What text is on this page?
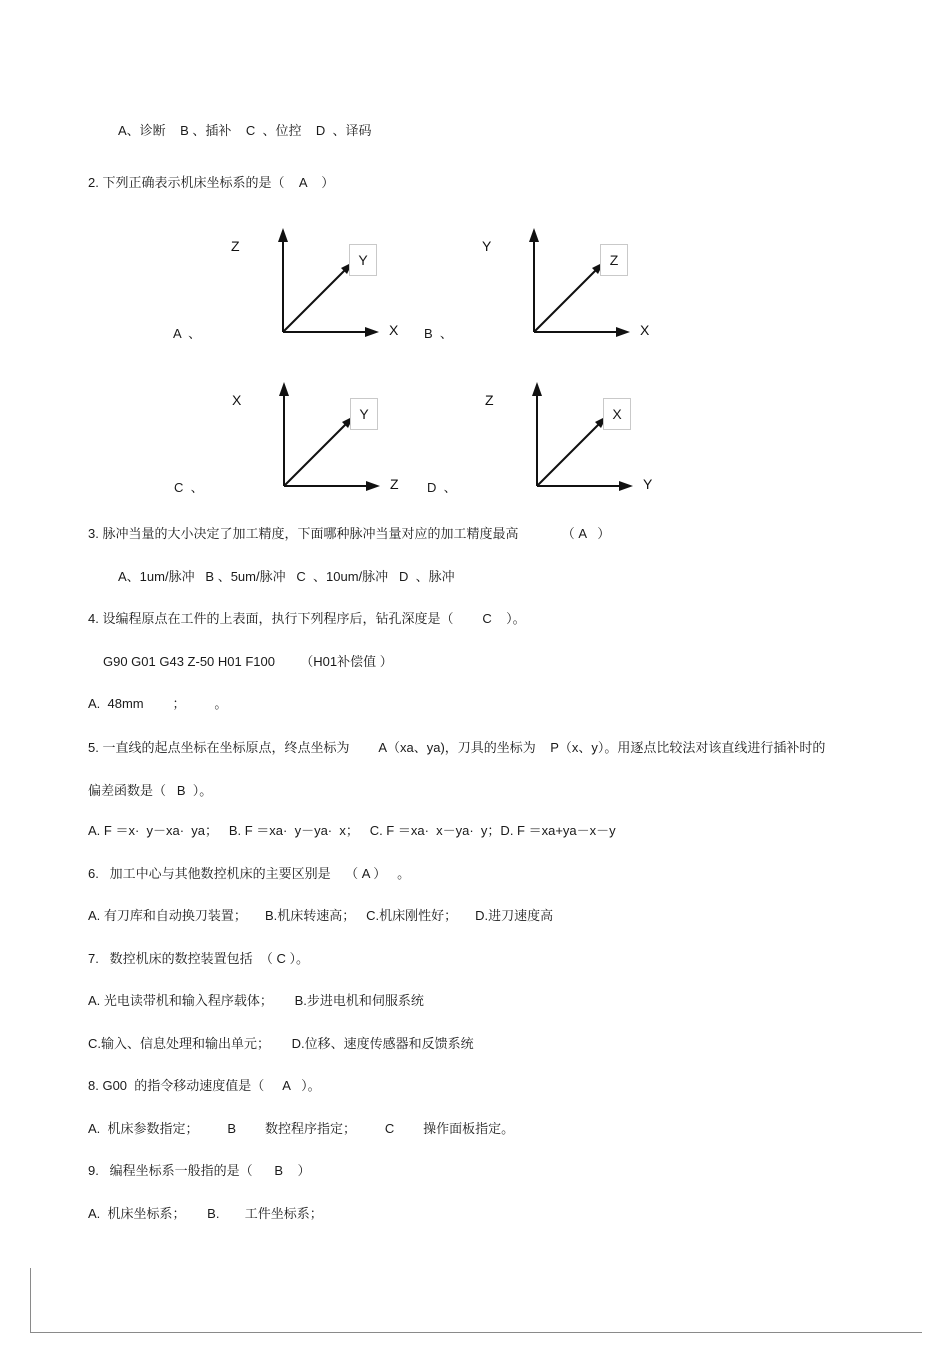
A、诊断    B 、插补    C  、位控    D  、译码
2. 下列正确表示机床坐标系的是（    A    ）
Z
Y
X
A  、
Y
Z
X
B  、
X
Y
Z
C  、
Z
X
Y
D  、
3. 脉冲当量的大小决定了加工精度，下面哪种脉冲当量对应的加工精度最高            （ A   ）
A、1um/脉冲   B 、5um/脉冲   C  、10um/脉冲   D  、脉冲
4. 设编程原点在工件的上表面，执行下列程序后，钻孔深度是（        C    ）。
G90 G01 G43 Z-50 H01 F100       （H01补偿值 ）
A.  48mm        ；        。
5. 一直线的起点坐标在坐标原点，终点坐标为        A（xa、ya)，刀具的坐标为    P（x、y）。用逐点比较法对该直线进行插补时的
偏差函数是（   B  ）。
A. F ＝x·  y－xa·  ya；   B. F ＝xa·  y－ya·  x；   C. F ＝xa·  x－ya·  y；D. F ＝xa+ya－x－y
6.   加工中心与其他数控机床的主要区别是    （ A ）   。
A. 有刀库和自动换刀装置；     B.机床转速高；   C.机床刚性好；     D.进刀速度高
7.   数控机床的数控装置包括  （ C ）。
A. 光电读带机和输入程序载体；      B.步进电机和伺服系统
C.输入、信息处理和输出单元；      D.位移、速度传感器和反馈系统
8. G00  的指令移动速度值是（     A   ）。
A.  机床参数指定；        B        数控程序指定；        C        操作面板指定。
9.   编程坐标系一般指的是（      B    ）
A.  机床坐标系；      B.       工件坐标系；
